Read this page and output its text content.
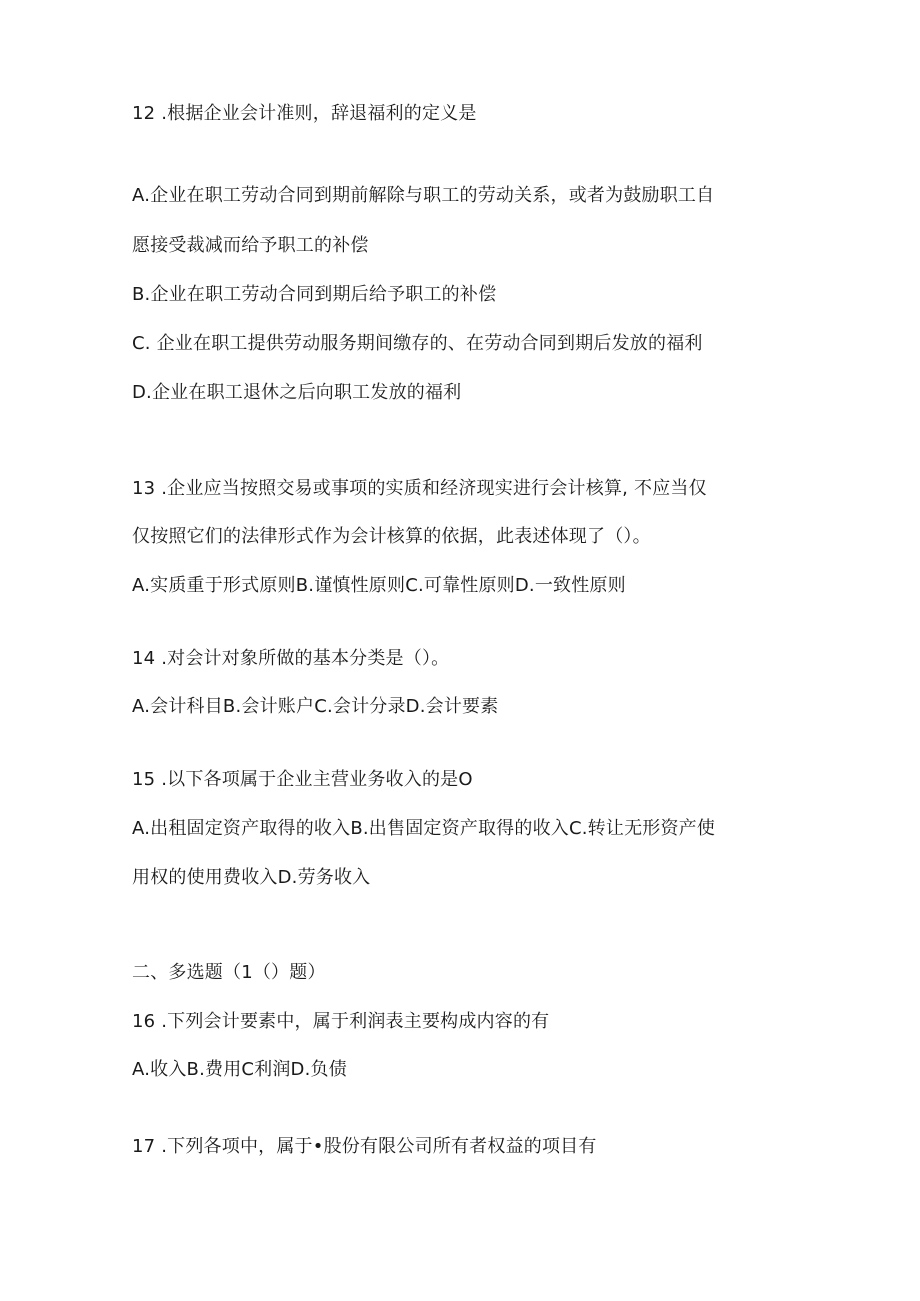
12 .根据企业会计准则，辞退福利的定义是
A.企业在职工劳动合同到期前解除与职工的劳动关系，或者为鼓励职工自
愿接受裁减而给予职工的补偿
B.企业在职工劳动合同到期后给予职工的补偿
C. 企业在职工提供劳动服务期间缴存的、在劳动合同到期后发放的福利
D.企业在职工退休之后向职工发放的福利
13 .企业应当按照交易或事项的实质和经济现实进行会计核算, 不应当仅
仅按照它们的法律形式作为会计核算的依据，此表述体现了（）。
A.实质重于形式原则B.谨慎性原则C.可靠性原则D.一致性原则
14 .对会计对象所做的基本分类是（）。
A.会计科目B.会计账户C.会计分录D.会计要素
15 .以下各项属于企业主营业务收入的是O
A.出租固定资产取得的收入B.出售固定资产取得的收入C.转让无形资产使
用权的使用费收入D.劳务收入
二、多选题（1（）题）
16 .下列会计要素中，属于利润表主要构成内容的有
A.收入B.费用C利润D.负债
17 .下列各项中，属于•股份有限公司所有者权益的项目有
